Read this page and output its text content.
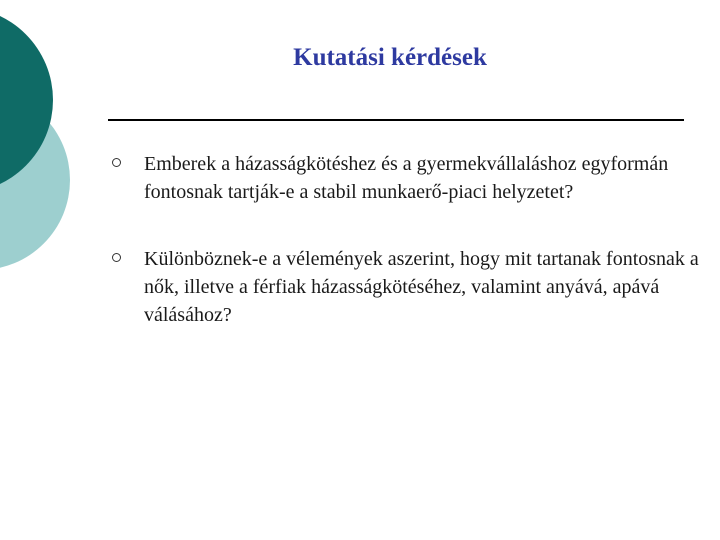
Kutatási kérdések
Emberek a házasságkötéshez és a gyermekvállaláshoz egyformán fontosnak tartják-e a stabil munkaerő-piaci helyzetet?
Különböznek-e a vélemények aszerint, hogy mit tartanak fontosnak a nők, illetve a férfiak házasságkötéséhez, valamint anyává, apává válásához?
